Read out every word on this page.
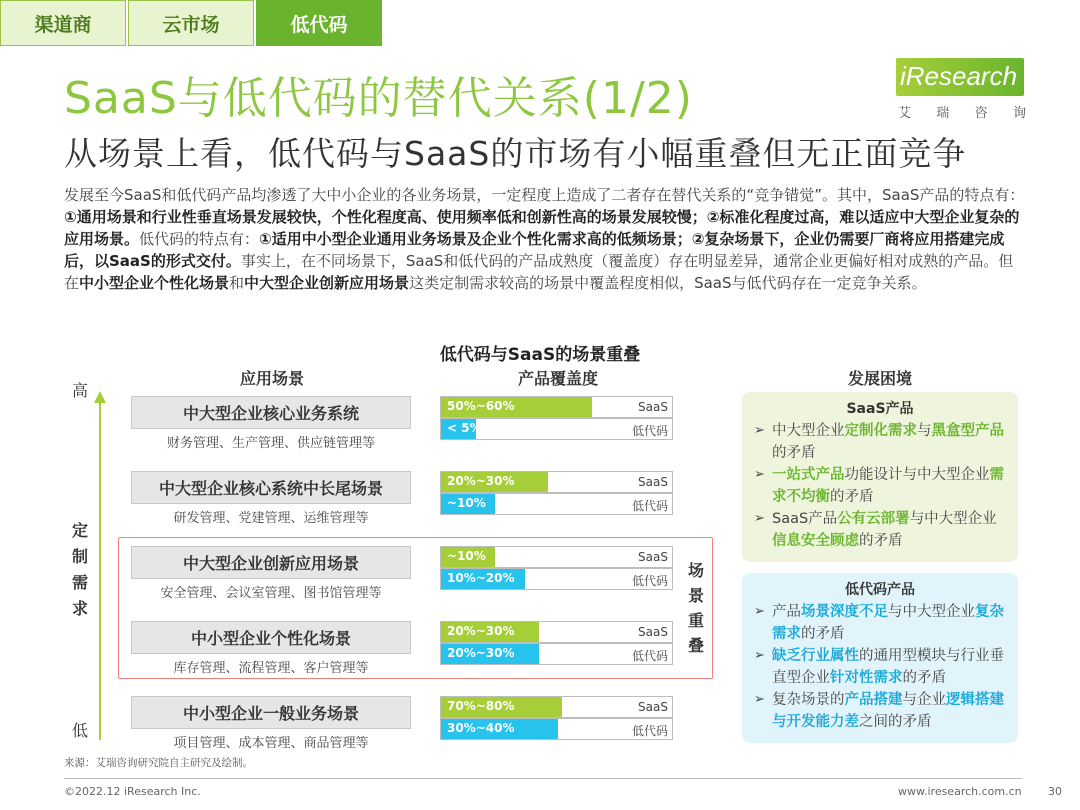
渠道商	云市场	低代码
iResearch
艾 瑞 咨 询
SaaS与低代码的替代关系(1/2)
从场景上看，低代码与SaaS的市场有小幅重叠但无正面竞争
发展至今SaaS和低代码产品均渗透了大中小企业的各业务场景，一定程度上造成了二者存在替代关系的“竞争错觉”。其中，SaaS产品的特点有：①通用场景和行业性垂直场景发展较快，个性化程度高、使用频率低和创新性高的场景发展较慢；②标准化程度过高，难以适应中大型企业复杂的应用场景。低代码的特点有：①适用中小型企业通用业务场景及企业个性化需求高的低频场景；②复杂场景下，企业仍需要厂商将应用搭建完成后，以SaaS的形式交付。事实上，在不同场景下，SaaS和低代码的产品成熟度（覆盖度）存在明显差异，通常企业更偏好相对成熟的产品。但在中小型企业个性化场景和中大型企业创新应用场景这类定制需求较高的场景中覆盖程度相似，SaaS与低代码存在一定竞争关系。
低代码与SaaS的场景重叠
应用场景	产品覆盖度	发展困境
高
低
定
制
需
求
场
景
重
叠
中大型企业核心业务系统
财务管理、生产管理、供应链管理等
50%~60%	SaaS
< 5%	低代码
中大型企业核心系统中长尾场景
研发管理、党建管理、运维管理等
20%~30%	SaaS
~10%	低代码
中大型企业创新应用场景
安全管理、会议室管理、图书馆管理等
~10%	SaaS
10%~20%	低代码
中小型企业个性化场景
库存管理、流程管理、客户管理等
20%~30%	SaaS
20%~30%	低代码
中小型企业一般业务场景
项目管理、成本管理、商品管理等
70%~80%	SaaS
30%~40%	低代码
SaaS产品
➢ 中大型企业定制化需求与黑盒型产品的矛盾
➢ 一站式产品功能设计与中大型企业需求不均衡的矛盾
➢ SaaS产品公有云部署与中大型企业信息安全顾虑的矛盾
低代码产品
➢ 产品场景深度不足与中大型企业复杂需求的矛盾
➢ 缺乏行业属性的通用型模块与行业垂直型企业针对性需求的矛盾
➢ 复杂场景的产品搭建与企业逻辑搭建与开发能力差之间的矛盾
来源：艾瑞咨询研究院自主研究及绘制。
©2022.12 iResearch Inc.	www.iresearch.com.cn 30
